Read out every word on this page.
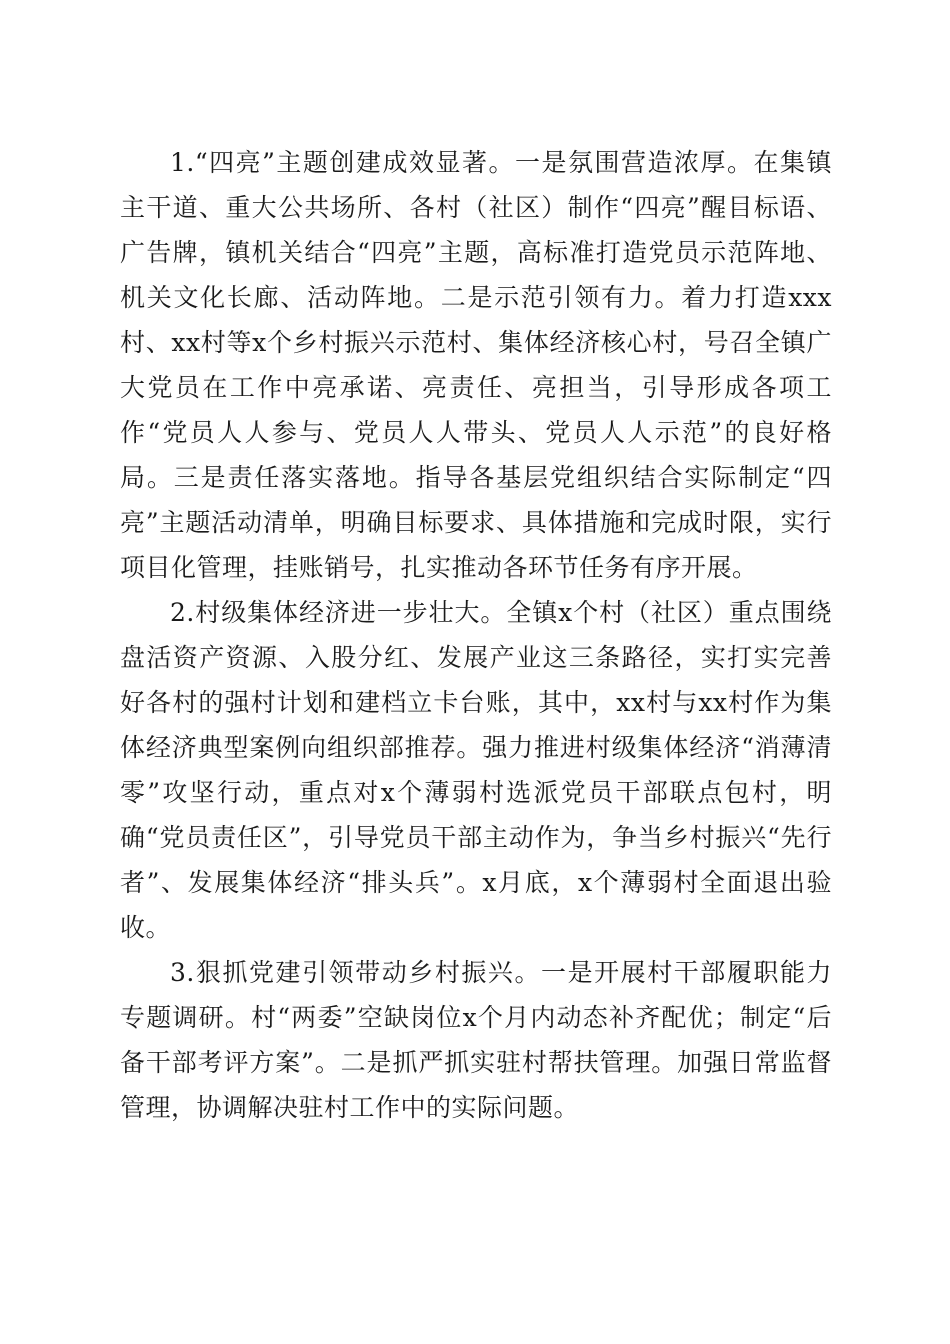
1.“四亮”主题创建成效显著。一是氛围营造浓厚。在集镇主干道、重大公共场所、各村（社区）制作“四亮”醒目标语、广告牌，镇机关结合“四亮”主题，高标准打造党员示范阵地、机关文化长廊、活动阵地。二是示范引领有力。着力打造xxx村、xx村等x个乡村振兴示范村、集体经济核心村，号召全镇广大党员在工作中亮承诺、亮责任、亮担当，引导形成各项工作“党员人人参与、党员人人带头、党员人人示范”的良好格局。三是责任落实落地。指导各基层党组织结合实际制定“四亮”主题活动清单，明确目标要求、具体措施和完成时限，实行项目化管理，挂账销号，扎实推动各环节任务有序开展。

2.村级集体经济进一步壮大。全镇x个村（社区）重点围绕盘活资产资源、入股分红、发展产业这三条路径，实打实完善好各村的强村计划和建档立卡台账，其中，xx村与xx村作为集体经济典型案例向组织部推荐。强力推进村级集体经济“消薄清零”攻坚行动，重点对x个薄弱村选派党员干部联点包村，明确“党员责任区”，引导党员干部主动作为，争当乡村振兴“先行者”、发展集体经济“排头兵”。x月底，x个薄弱村全面退出验收。

3.狠抓党建引领带动乡村振兴。一是开展村干部履职能力专题调研。村“两委”空缺岗位x个月内动态补齐配优；制定“后备干部考评方案”。二是抓严抓实驻村帮扶管理。加强日常监督管理，协调解决驻村工作中的实际问题。
